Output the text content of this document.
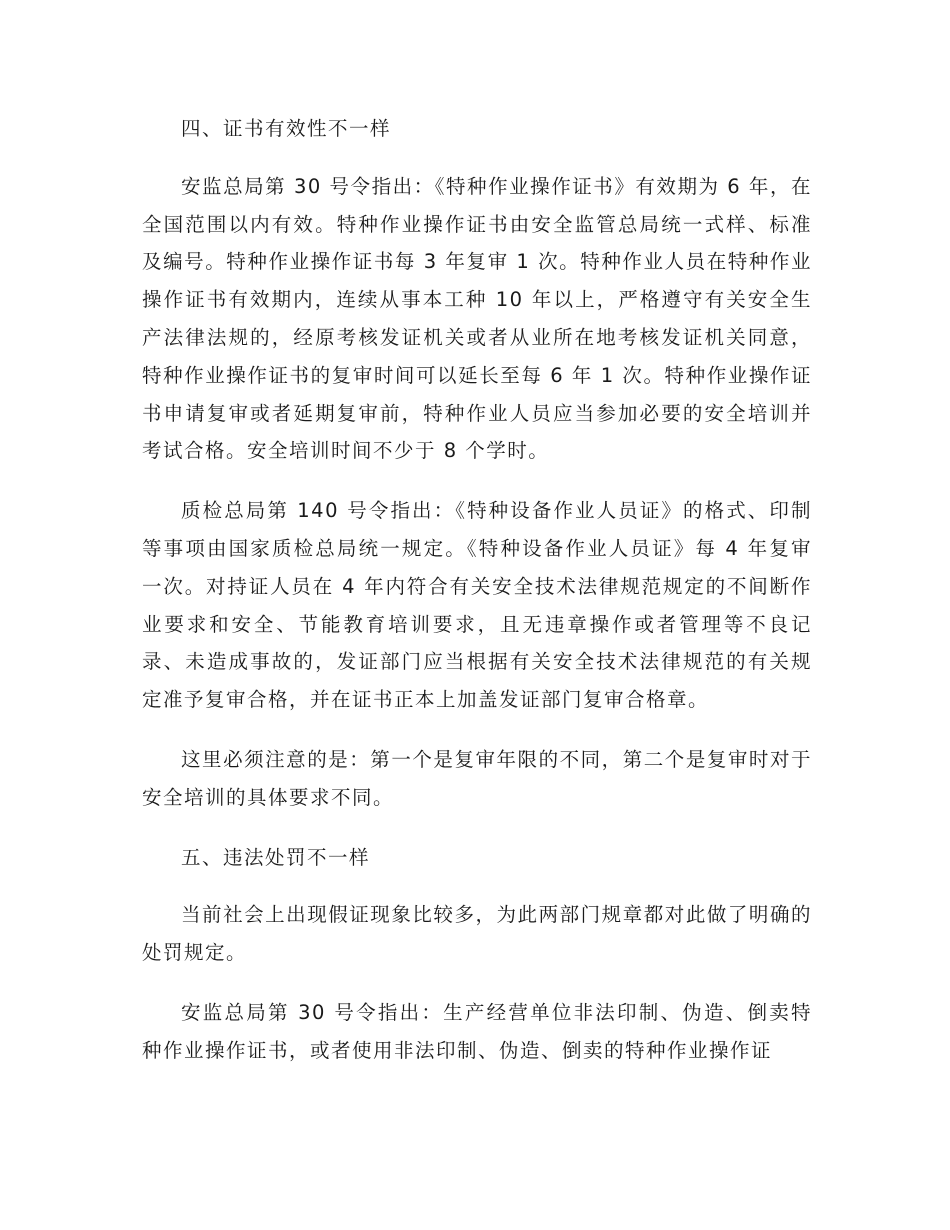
四、证书有效性不一样

安监总局第 30 号令指出：《特种作业操作证书》有效期为 6 年，在全国范围以内有效。特种作业操作证书由安全监管总局统一式样、标准及编号。特种作业操作证书每 3 年复审 1 次。特种作业人员在特种作业操作证书有效期内，连续从事本工种 10 年以上，严格遵守有关安全生产法律法规的，经原考核发证机关或者从业所在地考核发证机关同意，特种作业操作证书的复审时间可以延长至每 6 年 1 次。特种作业操作证书申请复审或者延期复审前，特种作业人员应当参加必要的安全培训并考试合格。安全培训时间不少于 8 个学时。

质检总局第 140 号令指出：《特种设备作业人员证》的格式、印制等事项由国家质检总局统一规定。《特种设备作业人员证》每 4 年复审一次。对持证人员在 4 年内符合有关安全技术法律规范规定的不间断作业要求和安全、节能教育培训要求，且无违章操作或者管理等不良记录、未造成事故的，发证部门应当根据有关安全技术法律规范的有关规定准予复审合格，并在证书正本上加盖发证部门复审合格章。

这里必须注意的是：第一个是复审年限的不同，第二个是复审时对于安全培训的具体要求不同。

五、违法处罚不一样

当前社会上出现假证现象比较多，为此两部门规章都对此做了明确的处罚规定。

安监总局第 30 号令指出：生产经营单位非法印制、伪造、倒卖特种作业操作证书，或者使用非法印制、伪造、倒卖的特种作业操作证
